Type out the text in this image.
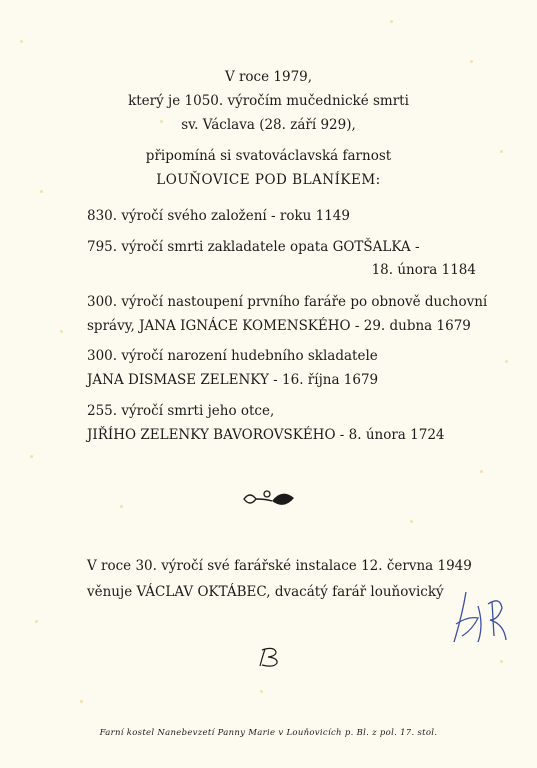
V roce 1979,
který je 1050. výročím mučednické smrti
sv. Václava (28. září 929),
připomíná si svatováclavská farnost
LOUŇOVICE POD BLANÍKEM:
830. výročí svého založení - roku 1149
795. výročí smrti zakladatele opata GOTŠALKA -
18. února 1184
300. výročí nastoupení prvního faráře po obnově duchovní
správy, JANA IGNÁCE KOMENSKÉHO - 29. dubna 1679
300. výročí narození hudebního skladatele
JANA DISMASE ZELENKY - 16. října 1679
255. výročí smrti jeho otce,
JIŘÍHO ZELENKY BAVOROVSKÉHO - 8. února 1724
V roce 30. výročí své farářské instalace 12. června 1949
věnuje VÁCLAV OKTÁBEC, dvacátý farář louňovický
Farní kostel Nanebevzetí Panny Marie v Louňovicích p. Bl. z pol. 17. stol.
